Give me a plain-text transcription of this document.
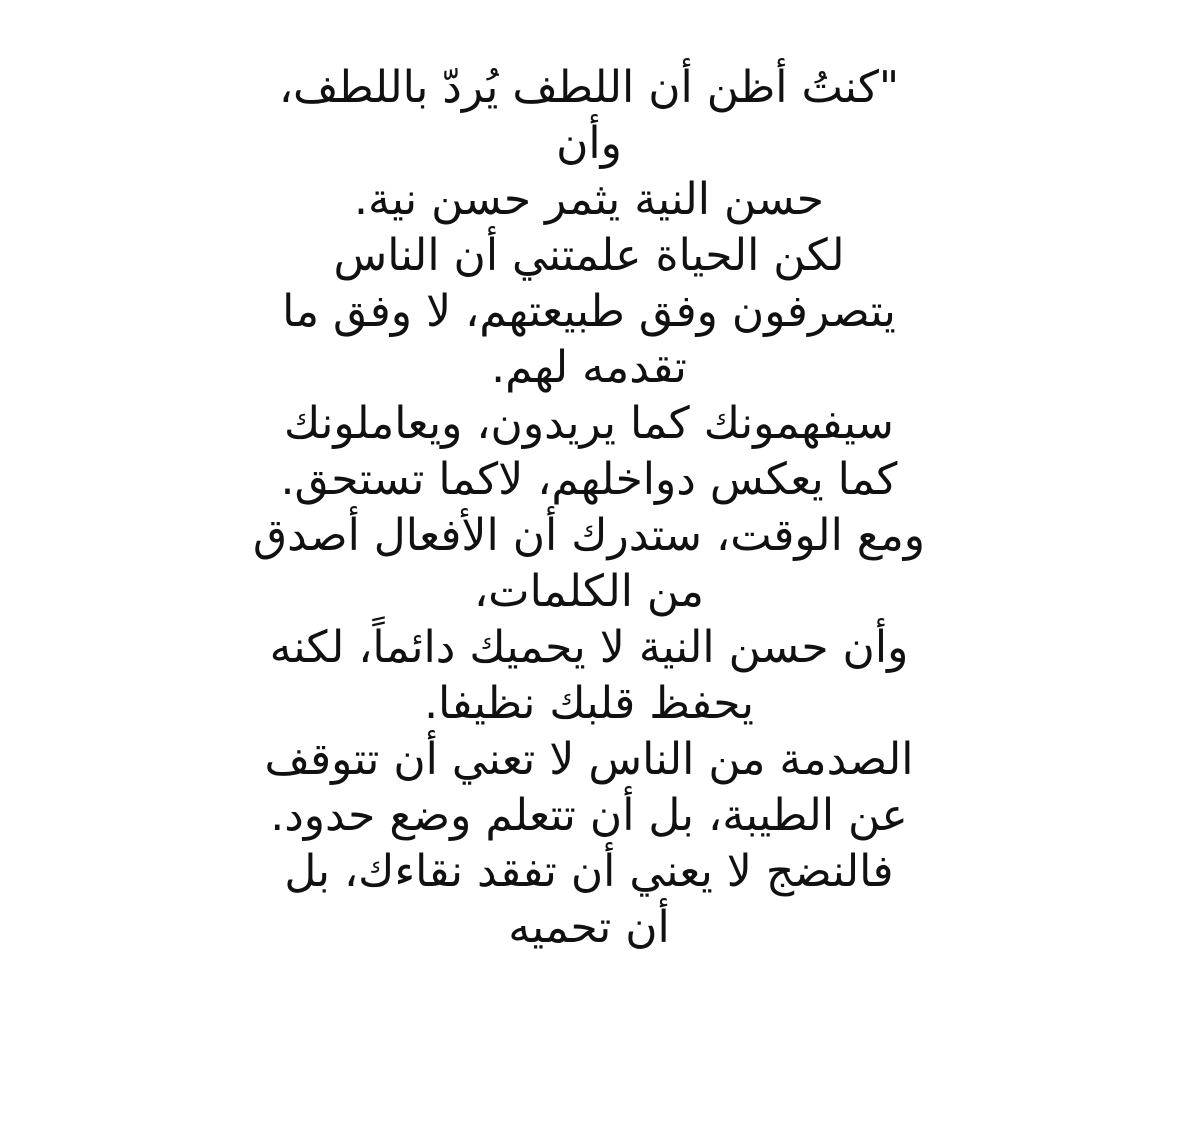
"كنتُ أظن أن اللطف يُردّ باللطف،
وأن
حسن النية يثمر حسن نية.
لكن الحياة علمتني أن الناس
يتصرفون وفق طبيعتهم، لا وفق ما
تقدمه لهم.
سيفهمونك كما يريدون، ويعاملونك
كما يعكس دواخلهم، لاكما تستحق.
ومع الوقت، ستدرك أن الأفعال أصدق
من الكلمات،
وأن حسن النية لا يحميك دائماً، لكنه
يحفظ قلبك نظيفا.
الصدمة من الناس لا تعني أن تتوقف
عن الطيبة، بل أن تتعلم وضع حدود.
فالنضج لا يعني أن تفقد نقاءك، بل
أن تحميه
